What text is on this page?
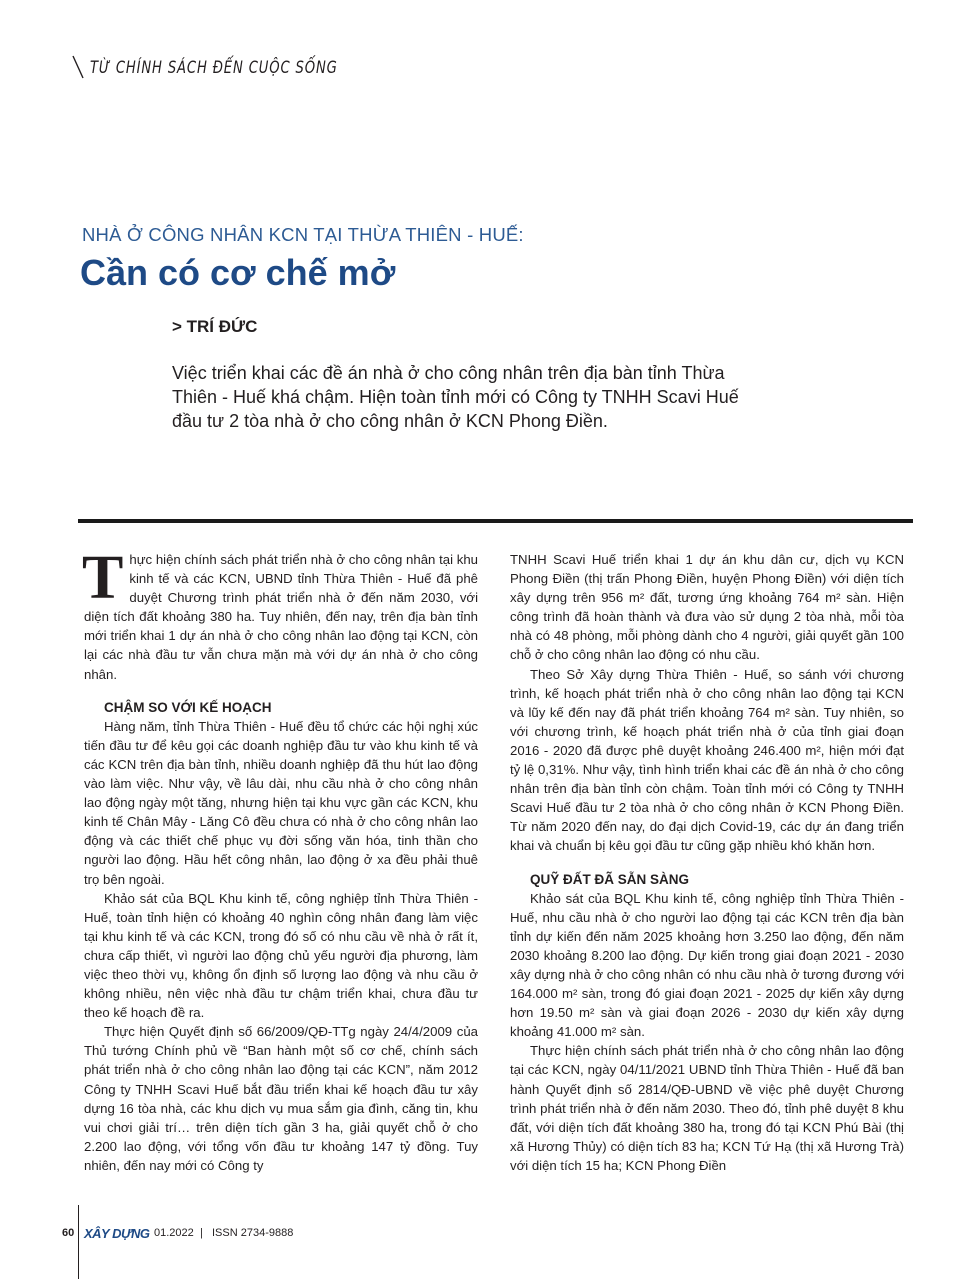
TỪ CHÍNH SÁCH ĐẾN CUỘC SỐNG
NHÀ Ở CÔNG NHÂN KCN TẠI THỪA THIÊN - HUẾ:
Cần có cơ chế mở
> TRÍ ĐỨC
Việc triển khai các đề án nhà ở cho công nhân trên địa bàn tỉnh Thừa Thiên - Huế khá chậm. Hiện toàn tỉnh mới có Công ty TNHH Scavi Huế đầu tư 2 tòa nhà ở cho công nhân ở KCN Phong Điền.

Thực hiện chính sách phát triển nhà ở cho công nhân tại khu kinh tế và các KCN, UBND tỉnh Thừa Thiên - Huế đã phê duyệt Chương trình phát triển nhà ở đến năm 2030, với diện tích đất khoảng 380 ha. Tuy nhiên, đến nay, trên địa bàn tỉnh mới triển khai 1 dự án nhà ở cho công nhân lao động tại KCN, còn lại các nhà đầu tư vẫn chưa mặn mà với dự án nhà ở cho công nhân.

CHẬM SO VỚI KẾ HOẠCH

Hàng năm, tỉnh Thừa Thiên - Huế đều tổ chức các hội nghị xúc tiến đầu tư để kêu gọi các doanh nghiệp đầu tư vào khu kinh tế và các KCN trên địa bàn tỉnh, nhiều doanh nghiệp đã thu hút lao động vào làm việc. Như vậy, về lâu dài, nhu cầu nhà ở cho công nhân lao động ngày một tăng, nhưng hiện tại khu vực gần các KCN, khu kinh tế Chân Mây - Lăng Cô đều chưa có nhà ở cho công nhân lao động và các thiết chế phục vụ đời sống văn hóa, tinh thần cho người lao động. Hầu hết công nhân, lao động ở xa đều phải thuê trọ bên ngoài.

Khảo sát của BQL Khu kinh tế, công nghiệp tỉnh Thừa Thiên - Huế, toàn tỉnh hiện có khoảng 40 nghìn công nhân đang làm việc tại khu kinh tế và các KCN, trong đó số có nhu cầu về nhà ở rất ít, chưa cấp thiết, vì người lao động chủ yếu người địa phương, làm việc theo thời vụ, không ổn định số lượng lao động và nhu cầu ở không nhiều, nên việc nhà đầu tư chậm triển khai, chưa đầu tư theo kế hoạch đề ra.

Thực hiện Quyết định số 66/2009/QĐ-TTg ngày 24/4/2009 của Thủ tướng Chính phủ về “Ban hành một số cơ chế, chính sách phát triển nhà ở cho công nhân lao động tại các KCN”, năm 2012 Công ty TNHH Scavi Huế bắt đầu triển khai kế hoạch đầu tư xây dựng 16 tòa nhà, các khu dịch vụ mua sắm gia đình, căng tin, khu vui chơi giải trí… trên diện tích gần 3 ha, giải quyết chỗ ở cho 2.200 lao động, với tổng vốn đầu tư khoảng 147 tỷ đồng. Tuy nhiên, đến nay mới có Công ty

TNHH Scavi Huế triển khai 1 dự án khu dân cư, dịch vụ KCN Phong Điền (thị trấn Phong Điền, huyện Phong Điền) với diện tích xây dựng trên 956 m² đất, tương ứng khoảng 764 m² sàn. Hiện công trình đã hoàn thành và đưa vào sử dụng 2 tòa nhà, mỗi tòa nhà có 48 phòng, mỗi phòng dành cho 4 người, giải quyết gần 100 chỗ ở cho công nhân lao động có nhu cầu.

Theo Sở Xây dựng Thừa Thiên - Huế, so sánh với chương trình, kế hoạch phát triển nhà ở cho công nhân lao động tại KCN và lũy kế đến nay đã phát triển khoảng 764 m² sàn. Tuy nhiên, so với chương trình, kế hoạch phát triển nhà ở của tỉnh giai đoạn 2016 - 2020 đã được phê duyệt khoảng 246.400 m², hiện mới đạt tỷ lệ 0,31%. Như vậy, tình hình triển khai các đề án nhà ở cho công nhân trên địa bàn tỉnh còn chậm. Toàn tỉnh mới có Công ty TNHH Scavi Huế đầu tư 2 tòa nhà ở cho công nhân ở KCN Phong Điền. Từ năm 2020 đến nay, do đại dịch Covid-19, các dự án đang triển khai và chuẩn bị kêu gọi đầu tư cũng gặp nhiều khó khăn hơn.

QUỸ ĐẤT ĐÃ SẴN SÀNG

Khảo sát của BQL Khu kinh tế, công nghiệp tỉnh Thừa Thiên - Huế, nhu cầu nhà ở cho người lao động tại các KCN trên địa bàn tỉnh dự kiến đến năm 2025 khoảng hơn 3.250 lao động, đến năm 2030 khoảng 8.200 lao động. Dự kiến trong giai đoạn 2021 - 2030 xây dựng nhà ở cho công nhân có nhu cầu nhà ở tương đương với 164.000 m² sàn, trong đó giai đoạn 2021 - 2025 dự kiến xây dựng hơn 19.50 m² sàn và giai đoạn 2026 - 2030 dự kiến xây dựng khoảng 41.000 m² sàn.

Thực hiện chính sách phát triển nhà ở cho công nhân lao động tại các KCN, ngày 04/11/2021 UBND tỉnh Thừa Thiên - Huế đã ban hành Quyết định số 2814/QĐ-UBND về việc phê duyệt Chương trình phát triển nhà ở đến năm 2030. Theo đó, tỉnh phê duyệt 8 khu đất, với diện tích đất khoảng 380 ha, trong đó tại KCN Phú Bài (thị xã Hương Thủy) có diện tích 83 ha; KCN Tứ Hạ (thị xã Hương Trà) với diện tích 15 ha; KCN Phong Điền

60 XÂY DỰNG 01.2022 | ISSN 2734-9888
